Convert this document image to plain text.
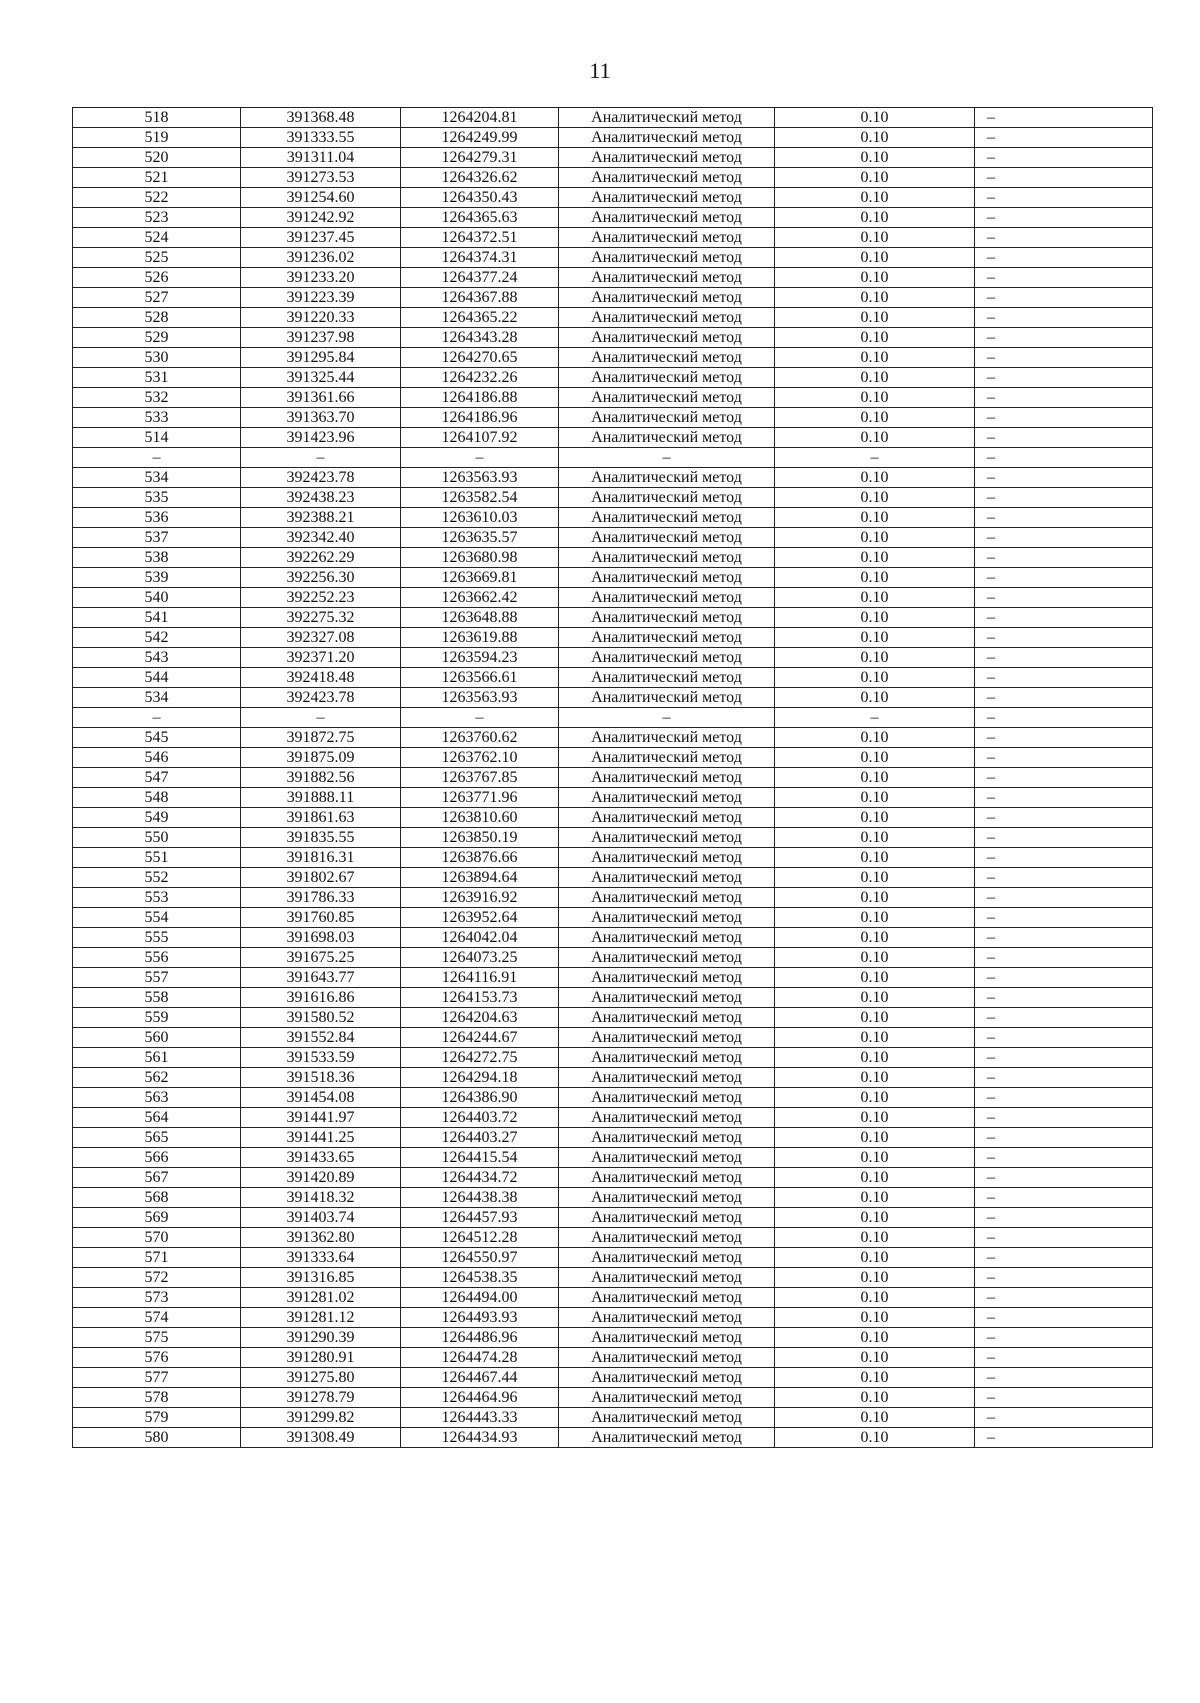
11
518	391368.48	1264204.81	Аналитический метод	0.10	–
519	391333.55	1264249.99	Аналитический метод	0.10	–
520	391311.04	1264279.31	Аналитический метод	0.10	–
521	391273.53	1264326.62	Аналитический метод	0.10	–
522	391254.60	1264350.43	Аналитический метод	0.10	–
523	391242.92	1264365.63	Аналитический метод	0.10	–
524	391237.45	1264372.51	Аналитический метод	0.10	–
525	391236.02	1264374.31	Аналитический метод	0.10	–
526	391233.20	1264377.24	Аналитический метод	0.10	–
527	391223.39	1264367.88	Аналитический метод	0.10	–
528	391220.33	1264365.22	Аналитический метод	0.10	–
529	391237.98	1264343.28	Аналитический метод	0.10	–
530	391295.84	1264270.65	Аналитический метод	0.10	–
531	391325.44	1264232.26	Аналитический метод	0.10	–
532	391361.66	1264186.88	Аналитический метод	0.10	–
533	391363.70	1264186.96	Аналитический метод	0.10	–
514	391423.96	1264107.92	Аналитический метод	0.10	–
–	–	–	–	–	–
534	392423.78	1263563.93	Аналитический метод	0.10	–
535	392438.23	1263582.54	Аналитический метод	0.10	–
536	392388.21	1263610.03	Аналитический метод	0.10	–
537	392342.40	1263635.57	Аналитический метод	0.10	–
538	392262.29	1263680.98	Аналитический метод	0.10	–
539	392256.30	1263669.81	Аналитический метод	0.10	–
540	392252.23	1263662.42	Аналитический метод	0.10	–
541	392275.32	1263648.88	Аналитический метод	0.10	–
542	392327.08	1263619.88	Аналитический метод	0.10	–
543	392371.20	1263594.23	Аналитический метод	0.10	–
544	392418.48	1263566.61	Аналитический метод	0.10	–
534	392423.78	1263563.93	Аналитический метод	0.10	–
–	–	–	–	–	–
545	391872.75	1263760.62	Аналитический метод	0.10	–
546	391875.09	1263762.10	Аналитический метод	0.10	–
547	391882.56	1263767.85	Аналитический метод	0.10	–
548	391888.11	1263771.96	Аналитический метод	0.10	–
549	391861.63	1263810.60	Аналитический метод	0.10	–
550	391835.55	1263850.19	Аналитический метод	0.10	–
551	391816.31	1263876.66	Аналитический метод	0.10	–
552	391802.67	1263894.64	Аналитический метод	0.10	–
553	391786.33	1263916.92	Аналитический метод	0.10	–
554	391760.85	1263952.64	Аналитический метод	0.10	–
555	391698.03	1264042.04	Аналитический метод	0.10	–
556	391675.25	1264073.25	Аналитический метод	0.10	–
557	391643.77	1264116.91	Аналитический метод	0.10	–
558	391616.86	1264153.73	Аналитический метод	0.10	–
559	391580.52	1264204.63	Аналитический метод	0.10	–
560	391552.84	1264244.67	Аналитический метод	0.10	–
561	391533.59	1264272.75	Аналитический метод	0.10	–
562	391518.36	1264294.18	Аналитический метод	0.10	–
563	391454.08	1264386.90	Аналитический метод	0.10	–
564	391441.97	1264403.72	Аналитический метод	0.10	–
565	391441.25	1264403.27	Аналитический метод	0.10	–
566	391433.65	1264415.54	Аналитический метод	0.10	–
567	391420.89	1264434.72	Аналитический метод	0.10	–
568	391418.32	1264438.38	Аналитический метод	0.10	–
569	391403.74	1264457.93	Аналитический метод	0.10	–
570	391362.80	1264512.28	Аналитический метод	0.10	–
571	391333.64	1264550.97	Аналитический метод	0.10	–
572	391316.85	1264538.35	Аналитический метод	0.10	–
573	391281.02	1264494.00	Аналитический метод	0.10	–
574	391281.12	1264493.93	Аналитический метод	0.10	–
575	391290.39	1264486.96	Аналитический метод	0.10	–
576	391280.91	1264474.28	Аналитический метод	0.10	–
577	391275.80	1264467.44	Аналитический метод	0.10	–
578	391278.79	1264464.96	Аналитический метод	0.10	–
579	391299.82	1264443.33	Аналитический метод	0.10	–
580	391308.49	1264434.93	Аналитический метод	0.10	–
